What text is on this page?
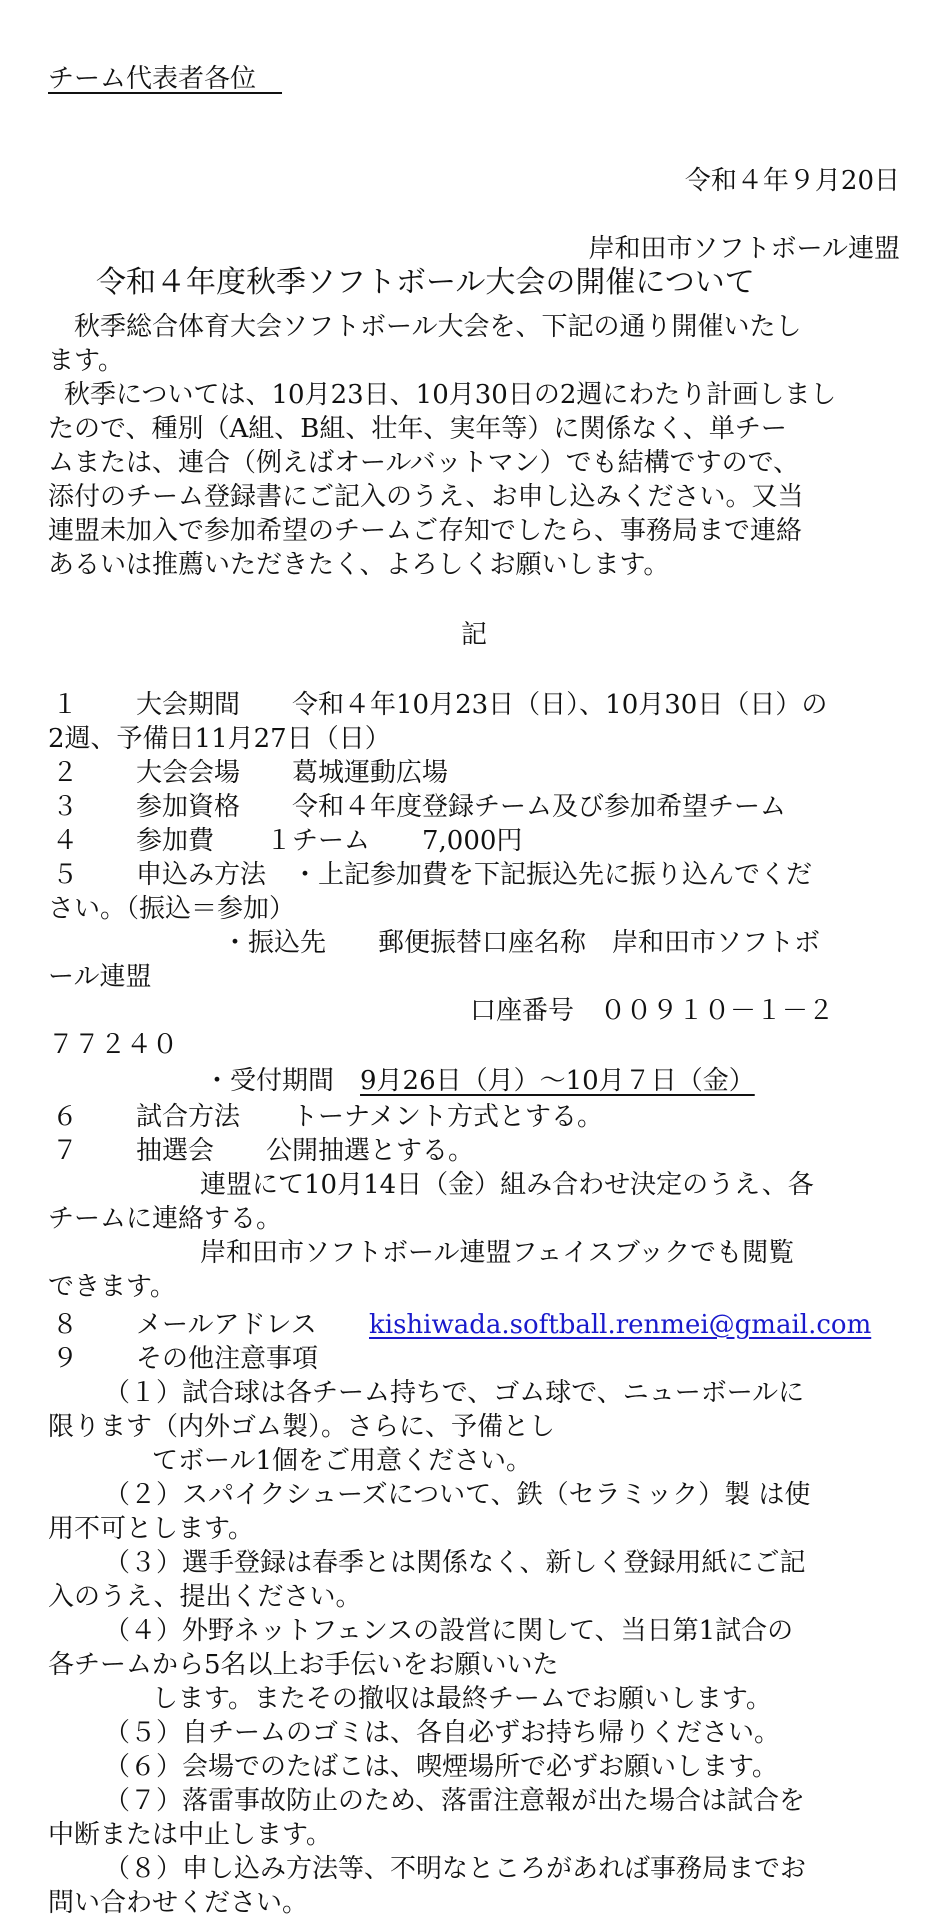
チーム代表者各位　
令和４年９月20日
岸和田市ソフトボール連盟
令和４年度秋季ソフトボール大会の開催について
秋季総合体育大会ソフトボール大会を、下記の通り開催いたし
ます。
秋季については、10月23日、10月30日の2週にわたり計画しまし
たので、種別（A組、B組、壮年、実年等）に関係なく、単チー
ムまたは、連合（例えばオールバットマン）でも結構ですので、
添付のチーム登録書にご記入のうえ、お申し込みください。又当
連盟未加入で参加希望のチームご存知でしたら、事務局まで連絡
あるいは推薦いただきたく、よろしくお願いします。
記
１ 大会期間　　令和４年10月23日（日）、10月30日（日）の
2週、予備日11月27日（日）
２ 大会会場　　葛城運動広場
３ 参加資格　　令和４年度登録チーム及び参加希望チーム
４ 参加費　　１チーム　　7,000円
５ 申込み方法　・上記参加費を下記振込先に振り込んでくだ
さい。（振込＝参加）
・振込先　　郵便振替口座名称　岸和田市ソフトボ
ール連盟
口座番号　００９１０－１－２
７７２４０
・受付期間　9月26日（月）～10月７日（金）
６ 試合方法　　トーナメント方式とする。
７ 抽選会　　公開抽選とする。
連盟にて10月14日（金）組み合わせ決定のうえ、各
チームに連絡する。
岸和田市ソフトボール連盟フェイスブックでも閲覧
できます。
８ メールアドレス kishiwada.softball.renmei@gmail.com
９ その他注意事項
（１）試合球は各チーム持ちで、ゴム球で、ニューボールに
限ります（内外ゴム製）。さらに、予備とし
てボール1個をご用意ください。
（２）スパイクシューズについて、鉄（セラミック）製 は使
用不可とします。
（３）選手登録は春季とは関係なく、新しく登録用紙にご記
入のうえ、提出ください。
（４）外野ネットフェンスの設営に関して、当日第1試合の
各チームから5名以上お手伝いをお願いいた
します。またその撤収は最終チームでお願いします。
（５）自チームのゴミは、各自必ずお持ち帰りください。
（６）会場でのたばこは、喫煙場所で必ずお願いします。
（７）落雷事故防止のため、落雷注意報が出た場合は試合を
中断または中止します。
（８）申し込み方法等、不明なところがあれば事務局までお
問い合わせください。
